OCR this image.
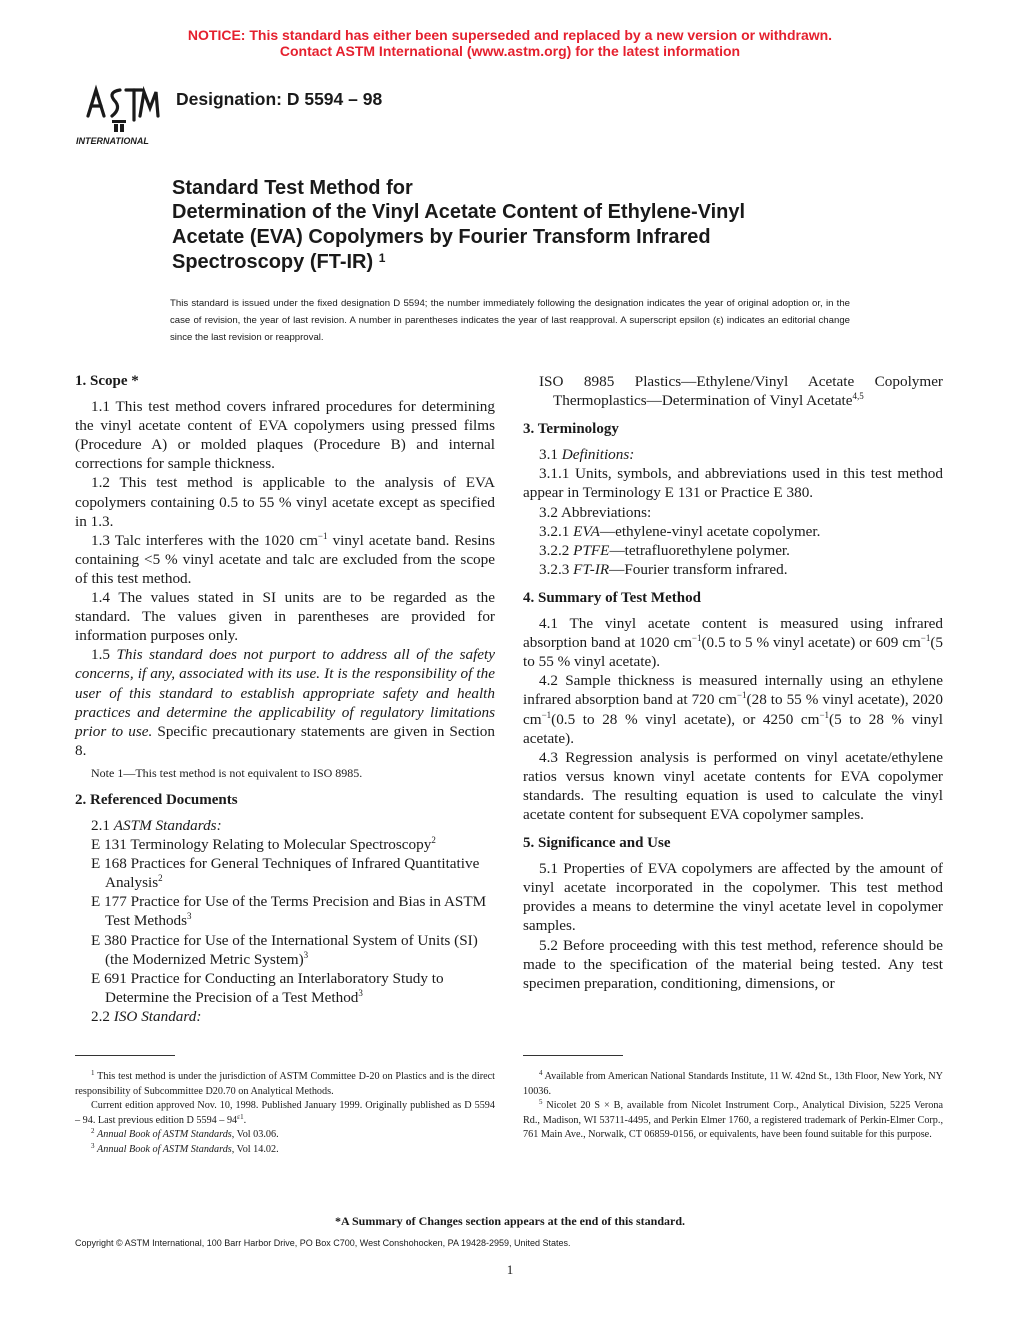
NOTICE: This standard has either been superseded and replaced by a new version or withdrawn.
Contact ASTM International (www.astm.org) for the latest information
INTERNATIONAL
Designation: D 5594 – 98
Standard Test Method for
Determination of the Vinyl Acetate Content of Ethylene-Vinyl
Acetate (EVA) Copolymers by Fourier Transform Infrared
Spectroscopy (FT-IR) $^1$
This standard is issued under the fixed designation D 5594; the number immediately following the designation indicates the year of original adoption or, in the case of revision, the year of last revision. A number in parentheses indicates the year of last reapproval. A superscript epsilon (ε) indicates an editorial change since the last revision or reapproval.
1. Scope *

1.1 This test method covers infrared procedures for determining the vinyl acetate content of EVA copolymers using pressed films (Procedure A) or molded plaques (Procedure B) and internal corrections for sample thickness.

1.2 This test method is applicable to the analysis of EVA copolymers containing 0.5 to 55 % vinyl acetate except as specified in 1.3.

1.3 Talc interferes with the 1020 $cm^{-1}$ vinyl acetate band. Resins containing <5 % vinyl acetate and talc are excluded from the scope of this test method.

1.4 The values stated in SI units are to be regarded as the standard. The values given in parentheses are provided for information purposes only.

1.5 This standard does not purport to address all of the safety concerns, if any, associated with its use. It is the responsibility of the user of this standard to establish appropriate safety and health practices and determine the applicability of regulatory limitations prior to use. Specific precautionary statements are given in Section 8.

Note 1—This test method is not equivalent to ISO 8985.

2. Referenced Documents

2.1 ASTM Standards:

E 131 Terminology Relating to Molecular Spectroscopy$^2$

E 168 Practices for General Techniques of Infrared Quantitative Analysis$^2$

E 177 Practice for Use of the Terms Precision and Bias in ASTM Test Methods$^3$

E 380 Practice for Use of the International System of Units (SI) (the Modernized Metric System)$^3$

E 691 Practice for Conducting an Interlaboratory Study to Determine the Precision of a Test Method$^3$

2.2 ISO Standard:

ISO 8985 Plastics—Ethylene/Vinyl Acetate Copolymer Thermoplastics—Determination of Vinyl Acetate$^{4,5}$

3. Terminology

3.1 Definitions:

3.1.1 Units, symbols, and abbreviations used in this test method appear in Terminology E 131 or Practice E 380.

3.2 Abbreviations:

3.2.1 EVA—ethylene-vinyl acetate copolymer.

3.2.2 PTFE—tetrafluorethylene polymer.

3.2.3 FT-IR—Fourier transform infrared.

4. Summary of Test Method

4.1 The vinyl acetate content is measured using infrared absorption band at 1020 $cm^{-1}(0.5$ to 5 % vinyl acetate) or 609 $cm^{-1}(5$ to 55 % vinyl acetate).

4.2 Sample thickness is measured internally using an ethylene infrared absorption band at 720 $cm^{-1}(28$ to 55 % vinyl acetate), 2020 $cm^{-1}(0.5$ to 28 % vinyl acetate), or 4250 $cm^{-1}(5$ to 28 % vinyl acetate).

4.3 Regression analysis is performed on vinyl acetate/ethylene ratios versus known vinyl acetate contents for EVA copolymer standards. The resulting equation is used to calculate the vinyl acetate content for subsequent EVA copolymer samples.

5. Significance and Use

5.1 Properties of EVA copolymers are affected by the amount of vinyl acetate incorporated in the copolymer. This test method provides a means to determine the vinyl acetate level in copolymer samples.

5.2 Before proceeding with this test method, reference should be made to the specification of the material being tested. Any test specimen preparation, conditioning, dimensions, or

$^1$ This test method is under the jurisdiction of ASTM Committee D-20 on Plastics and is the direct responsibility of Subcommittee D20.70 on Analytical Methods.

Current edition approved Nov. 10, 1998. Published January 1999. Originally published as D 5594 – 94. Last previous edition D $5594 - 94^{\varepsilon 1}$.

$^2$ Annual Book of ASTM Standards, Vol 03.06.

$^3$ Annual Book of ASTM Standards, Vol 14.02.

$^4$ Available from American National Standards Institute, 11 W. 42nd St., 13th Floor, New York, NY 10036.

$^5$ Nicolet 20 S × B, available from Nicolet Instrument Corp., Analytical Division, 5225 Verona Rd., Madison, WI 53711-4495, and Perkin Elmer 1760, a registered trademark of Perkin-Elmer Corp., 761 Main Ave., Norwalk, CT 06859-0156, or equivalents, have been found suitable for this purpose.

*A Summary of Changes section appears at the end of this standard.
Copyright © ASTM International, 100 Barr Harbor Drive, PO Box C700, West Conshohocken, PA 19428-2959, United States.
1
